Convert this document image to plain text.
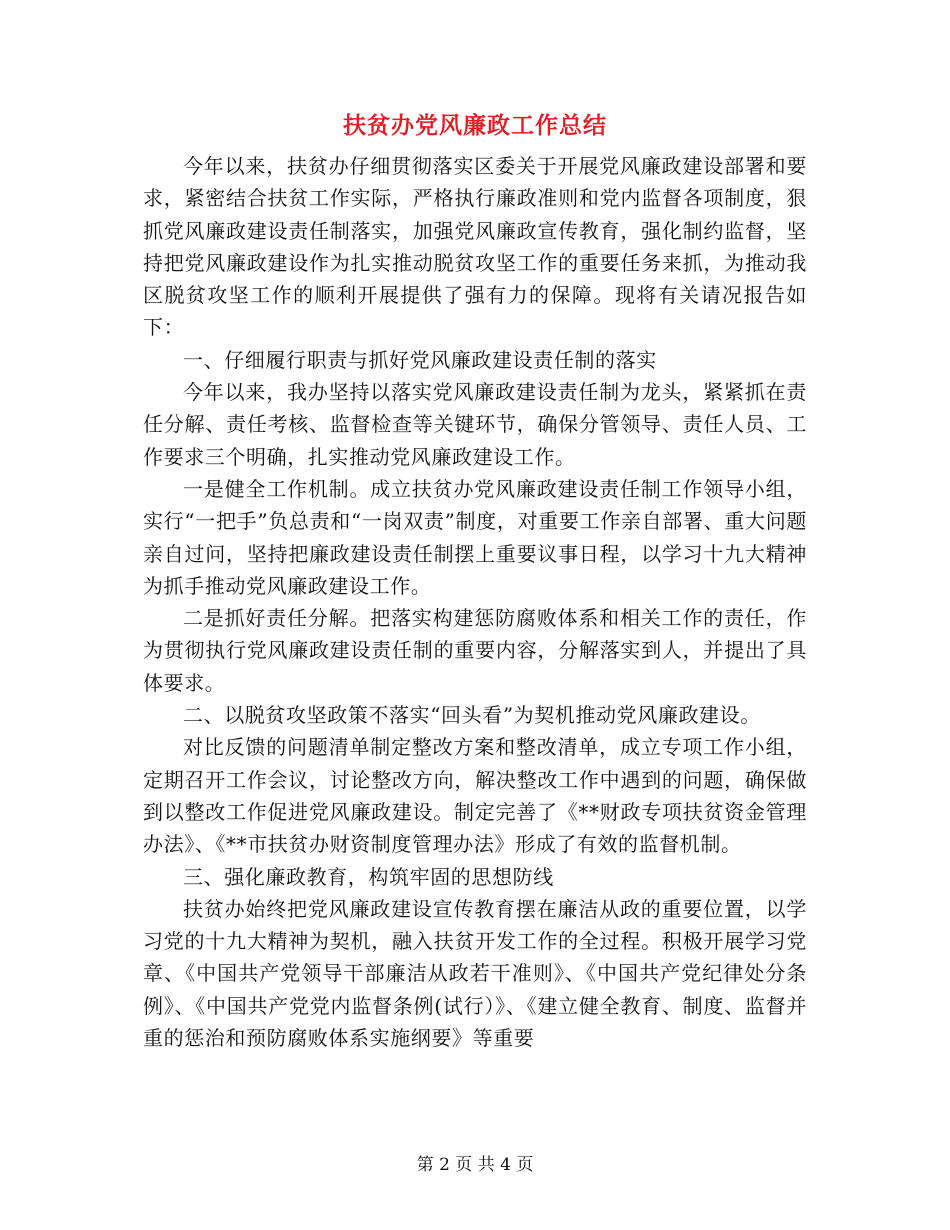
扶贫办党风廉政工作总结

今年以来，扶贫办仔细贯彻落实区委关于开展党风廉政建设部署和要求，紧密结合扶贫工作实际，严格执行廉政准则和党内监督各项制度，狠抓党风廉政建设责任制落实，加强党风廉政宣传教育，强化制约监督，坚持把党风廉政建设作为扎实推动脱贫攻坚工作的重要任务来抓，为推动我区脱贫攻坚工作的顺利开展提供了强有力的保障。现将有关请况报告如下：

一、仔细履行职责与抓好党风廉政建设责任制的落实

今年以来，我办坚持以落实党风廉政建设责任制为龙头，紧紧抓在责任分解、责任考核、监督检查等关键环节，确保分管领导、责任人员、工作要求三个明确，扎实推动党风廉政建设工作。

一是健全工作机制。成立扶贫办党风廉政建设责任制工作领导小组，实行“一把手”负总责和“一岗双责”制度，对重要工作亲自部署、重大问题亲自过问，坚持把廉政建设责任制摆上重要议事日程，以学习十九大精神为抓手推动党风廉政建设工作。

二是抓好责任分解。把落实构建惩防腐败体系和相关工作的责任，作为贯彻执行党风廉政建设责任制的重要内容，分解落实到人，并提出了具体要求。

二、以脱贫攻坚政策不落实“回头看”为契机推动党风廉政建设。

对比反馈的问题清单制定整改方案和整改清单，成立专项工作小组，定期召开工作会议，讨论整改方向，解决整改工作中遇到的问题，确保做到以整改工作促进党风廉政建设。制定完善了《**财政专项扶贫资金管理办法》、《**市扶贫办财资制度管理办法》形成了有效的监督机制。

三、强化廉政教育，构筑牢固的思想防线

扶贫办始终把党风廉政建设宣传教育摆在廉洁从政的重要位置，以学习党的十九大精神为契机，融入扶贫开发工作的全过程。积极开展学习党章、《中国共产党领导干部廉洁从政若干准则》、《中国共产党纪律处分条例》、《中国共产党党内监督条例(试行）》、《建立健全教育、制度、监督并重的惩治和预防腐败体系实施纲要》等重要

第 2 页 共 4 页
